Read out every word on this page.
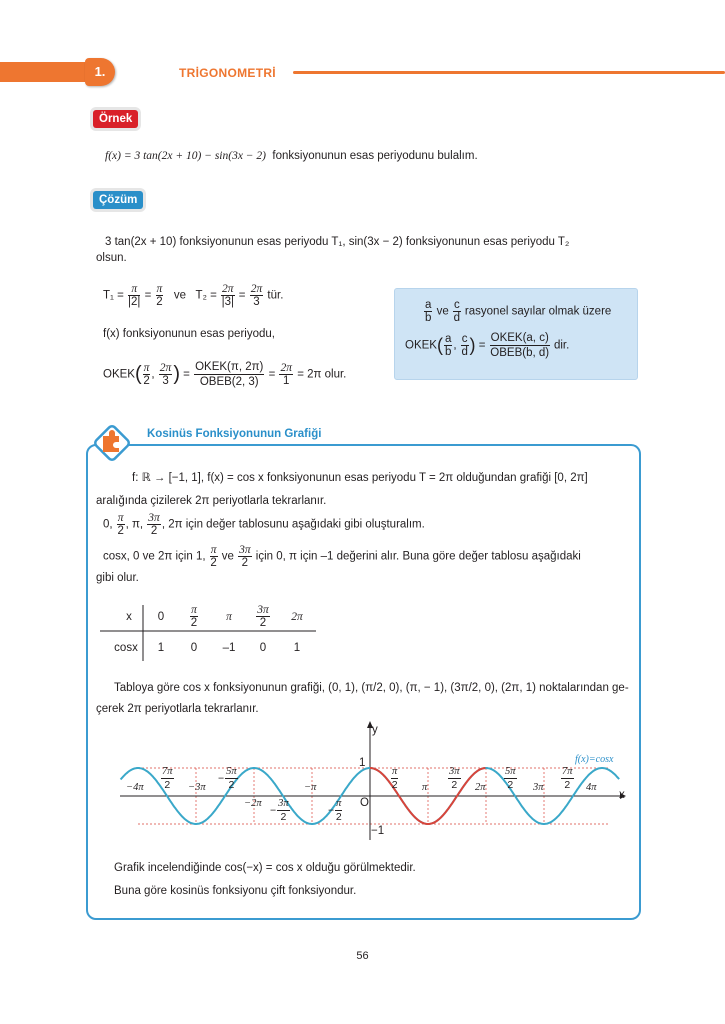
1.	TRİGONOMETRİ
Örnek
f(x) = 3 tan(2x + 10) − sin(3x − 2) fonksiyonunun esas periyodunu bulalım.
Çözüm
3 tan(2x + 10) fonksiyonunun esas periyodu T₁, sin(3x − 2) fonksiyonunun esas periyodu T₂
olsun.
$T_1 = \frac{\pi}{|2|} = \frac{\pi}{2}$ ve $T_2 = \frac{2\pi}{|3|} = \frac{2\pi}{3}$ tür.
f(x) fonksiyonunun esas periyodu,
OKEK( $\frac{\pi}{2}$ , $\frac{2\pi}{3}$ ) = $\frac{\text{OKEK(π, 2π)}}{\text{OBEB(2, 3)}} = \frac{2\pi}{1} = 2\pi$ olur.
$\frac{a}{b}$ ve $\frac{c}{d}$ rasyonel sayılar olmak üzere
OKEK( $\frac{a}{b}$ , $\frac{c}{d}$ ) = $\frac{\text{OKEK(a, c)}}{\text{OBEB(b, d)}}$ dir.
Kosinüs Fonksiyonunun Grafiği
f: ℝ → [−1, 1], f(x) = cos x fonksiyonunun esas periyodu T = 2π olduğundan grafiği [0, 2π]
aralığında çizilerek 2π periyotlarla tekrarlanır.
0, $\frac{\pi}{2}$ , π, $\frac{3\pi}{2}$ , 2π için değer tablosunu aşağıdaki gibi oluşturalım.
cosx, 0 ve 2π için 1, $\frac{\pi}{2}$ ve $\frac{3\pi}{2}$ için 0, π için –1 değerini alır. Buna göre değer tablosu aşağıdaki
gibi olur.
x	0	$\frac{\pi}{2}$	π	$\frac{3\pi}{2}$	2π
cosx	1	0	–1	0	1
Tabloya göre cos x fonksiyonunun grafiği, (0, 1), (π/2, 0), (π, − 1), (3π/2, 0), (2π, 1) noktalarından ge-
çerek 2π periyotlarla tekrarlanır.
y
x
O
1
−1
f(x)=cosx
$-4\pi \frac{7\pi}{2} -3\pi$
− $\frac{5\pi}{2}$	$\frac{\pi}{2}$ π $\frac{3\pi}{2} 2\pi \frac{5\pi}{2} 3\pi \frac{7\pi}{2} 4\pi$
−2π
− $\frac{3\pi}{2}$
−π
− $\frac{\pi}{2}$
Grafik incelendiğinde cos(−x) = cos x olduğu görülmektedir.
Buna göre kosinüs fonksiyonu çift fonksiyondur.
56
